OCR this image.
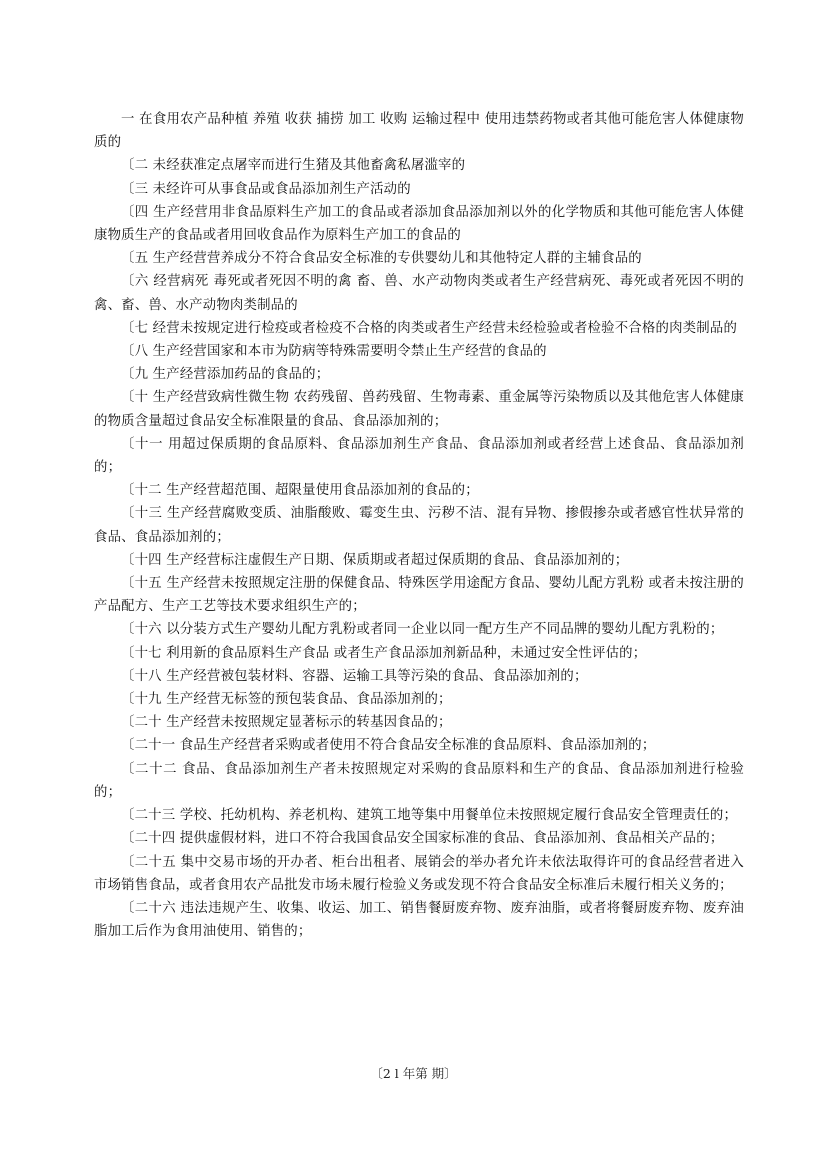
一 在食用农产品种植 养殖 收获 捕捞 加工 收购 运输过程中 使用违禁药物或者其他可能危害人体健康物质的

〔二 未经获准定点屠宰而进行生猪及其他畜禽私屠滥宰的

〔三 未经许可从事食品或食品添加剂生产活动的

〔四 生产经营用非食品原料生产加工的食品或者添加食品添加剂以外的化学物质和其他可能危害人体健康物质生产的食品或者用回收食品作为原料生产加工的食品的

〔五 生产经营营养成分不符合食品安全标准的专供婴幼儿和其他特定人群的主辅食品的

〔六 经营病死 毒死或者死因不明的禽 畜、兽、水产动物肉类或者生产经营病死、毒死或者死因不明的禽、畜、兽、水产动物肉类制品的

〔七 经营未按规定进行检疫或者检疫不合格的肉类或者生产经营未经检验或者检验不合格的肉类制品的

〔八 生产经营国家和本市为防病等特殊需要明令禁止生产经营的食品的

〔九 生产经营添加药品的食品的；

〔十 生产经营致病性微生物 农药残留、兽药残留、生物毒素、重金属等污染物质以及其他危害人体健康的物质含量超过食品安全标准限量的食品、食品添加剂的；

〔十一 用超过保质期的食品原料、食品添加剂生产食品、食品添加剂或者经营上述食品、食品添加剂的；

〔十二 生产经营超范围、超限量使用食品添加剂的食品的；

〔十三 生产经营腐败变质、油脂酸败、霉变生虫、污秽不洁、混有异物、掺假掺杂或者感官性状异常的食品、食品添加剂的；

〔十四 生产经营标注虚假生产日期、保质期或者超过保质期的食品、食品添加剂的；

〔十五 生产经营未按照规定注册的保健食品、特殊医学用途配方食品、婴幼儿配方乳粉 或者未按注册的产品配方、生产工艺等技术要求组织生产的；

〔十六 以分装方式生产婴幼儿配方乳粉或者同一企业以同一配方生产不同品牌的婴幼儿配方乳粉的；

〔十七 利用新的食品原料生产食品 或者生产食品添加剂新品种，未通过安全性评估的；

〔十八 生产经营被包装材料、容器、运输工具等污染的食品、食品添加剂的；

〔十九 生产经营无标签的预包装食品、食品添加剂的；

〔二十 生产经营未按照规定显著标示的转基因食品的；

〔二十一 食品生产经营者采购或者使用不符合食品安全标准的食品原料、食品添加剂的；

〔二十二 食品、食品添加剂生产者未按照规定对采购的食品原料和生产的食品、食品添加剂进行检验的；

〔二十三 学校、托幼机构、养老机构、建筑工地等集中用餐单位未按照规定履行食品安全管理责任的；

〔二十四 提供虚假材料，进口不符合我国食品安全国家标准的食品、食品添加剂、食品相关产品的；

〔二十五 集中交易市场的开办者、柜台出租者、展销会的举办者允许未依法取得许可的食品经营者进入市场销售食品，或者食用农产品批发市场未履行检验义务或发现不符合食品安全标准后未履行相关义务的；

〔二十六 违法违规产生、收集、收运、加工、销售餐厨废弃物、废弃油脂，或者将餐厨废弃物、废弃油脂加工后作为食用油使用、销售的；

〔2 l 年第 期〕
